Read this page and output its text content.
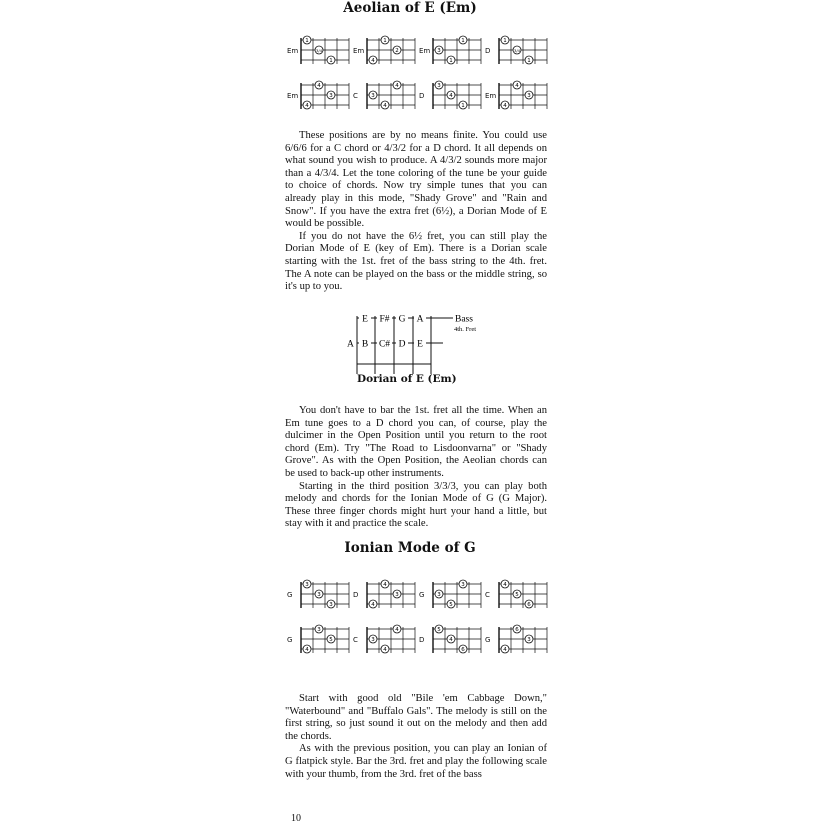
Aeolian of E (Em)
Em
1
3/4
1
Em
1
2
4
Em
1
3
1
D
1
3/4
1
Em
4
3
4
C
4
3
4
D
3
4
1
Em
4
3
4

These positions are by no means finite. You could use 6/6/6 for a C chord or 4/3/2 for a D chord. It all depends on what sound you wish to produce. A 4/3/2 sounds more major than a 4/3/4. Let the tone coloring of the tune be your guide to choice of chords. Now try simple tunes that you can already play in this mode, "Shady Grove" and "Rain and Snow". If you have the extra fret (6½), a Dorian Mode of E would be possible.

If you do not have the 6½ fret, you can still play the Dorian Mode of E (key of Em). There is a Dorian scale starting with the 1st. fret of the bass string to the 4th. fret. The A note can be played on the bass or the middle string, so it's up to you.

E F# G A	Bass
4th. Fret
A B C# D E
Dorian of E (Em)

You don't have to bar the 1st. fret all the time. When an Em tune goes to a D chord you can, of course, play the dulcimer in the Open Position until you return to the root chord (Em). Try "The Road to Lisdoonvarna" or "Shady Grove". As with the Open Position, the Aeolian chords can be used to back-up other instruments.

Starting in the third position 3/3/3, you can play both melody and chords for the Ionian Mode of G (G Major). These three finger chords might hurt your hand a little, but stay with it and practice the scale.

Ionian Mode of G
G
3
3
3
D
4
3
4
G
3
3
5
C
4
5
6
G
3
5
4
C
4
3
4
D
5
4
6
G
6
3
4

Start with good old "Bile 'em Cabbage Down," "Waterbound" and "Buffalo Gals". The melody is still on the first string, so just sound it out on the melody and then add the chords.

As with the previous position, you can play an Ionian of G flatpick style. Bar the 3rd. fret and play the following scale with your thumb, from the 3rd. fret of the bass

10
